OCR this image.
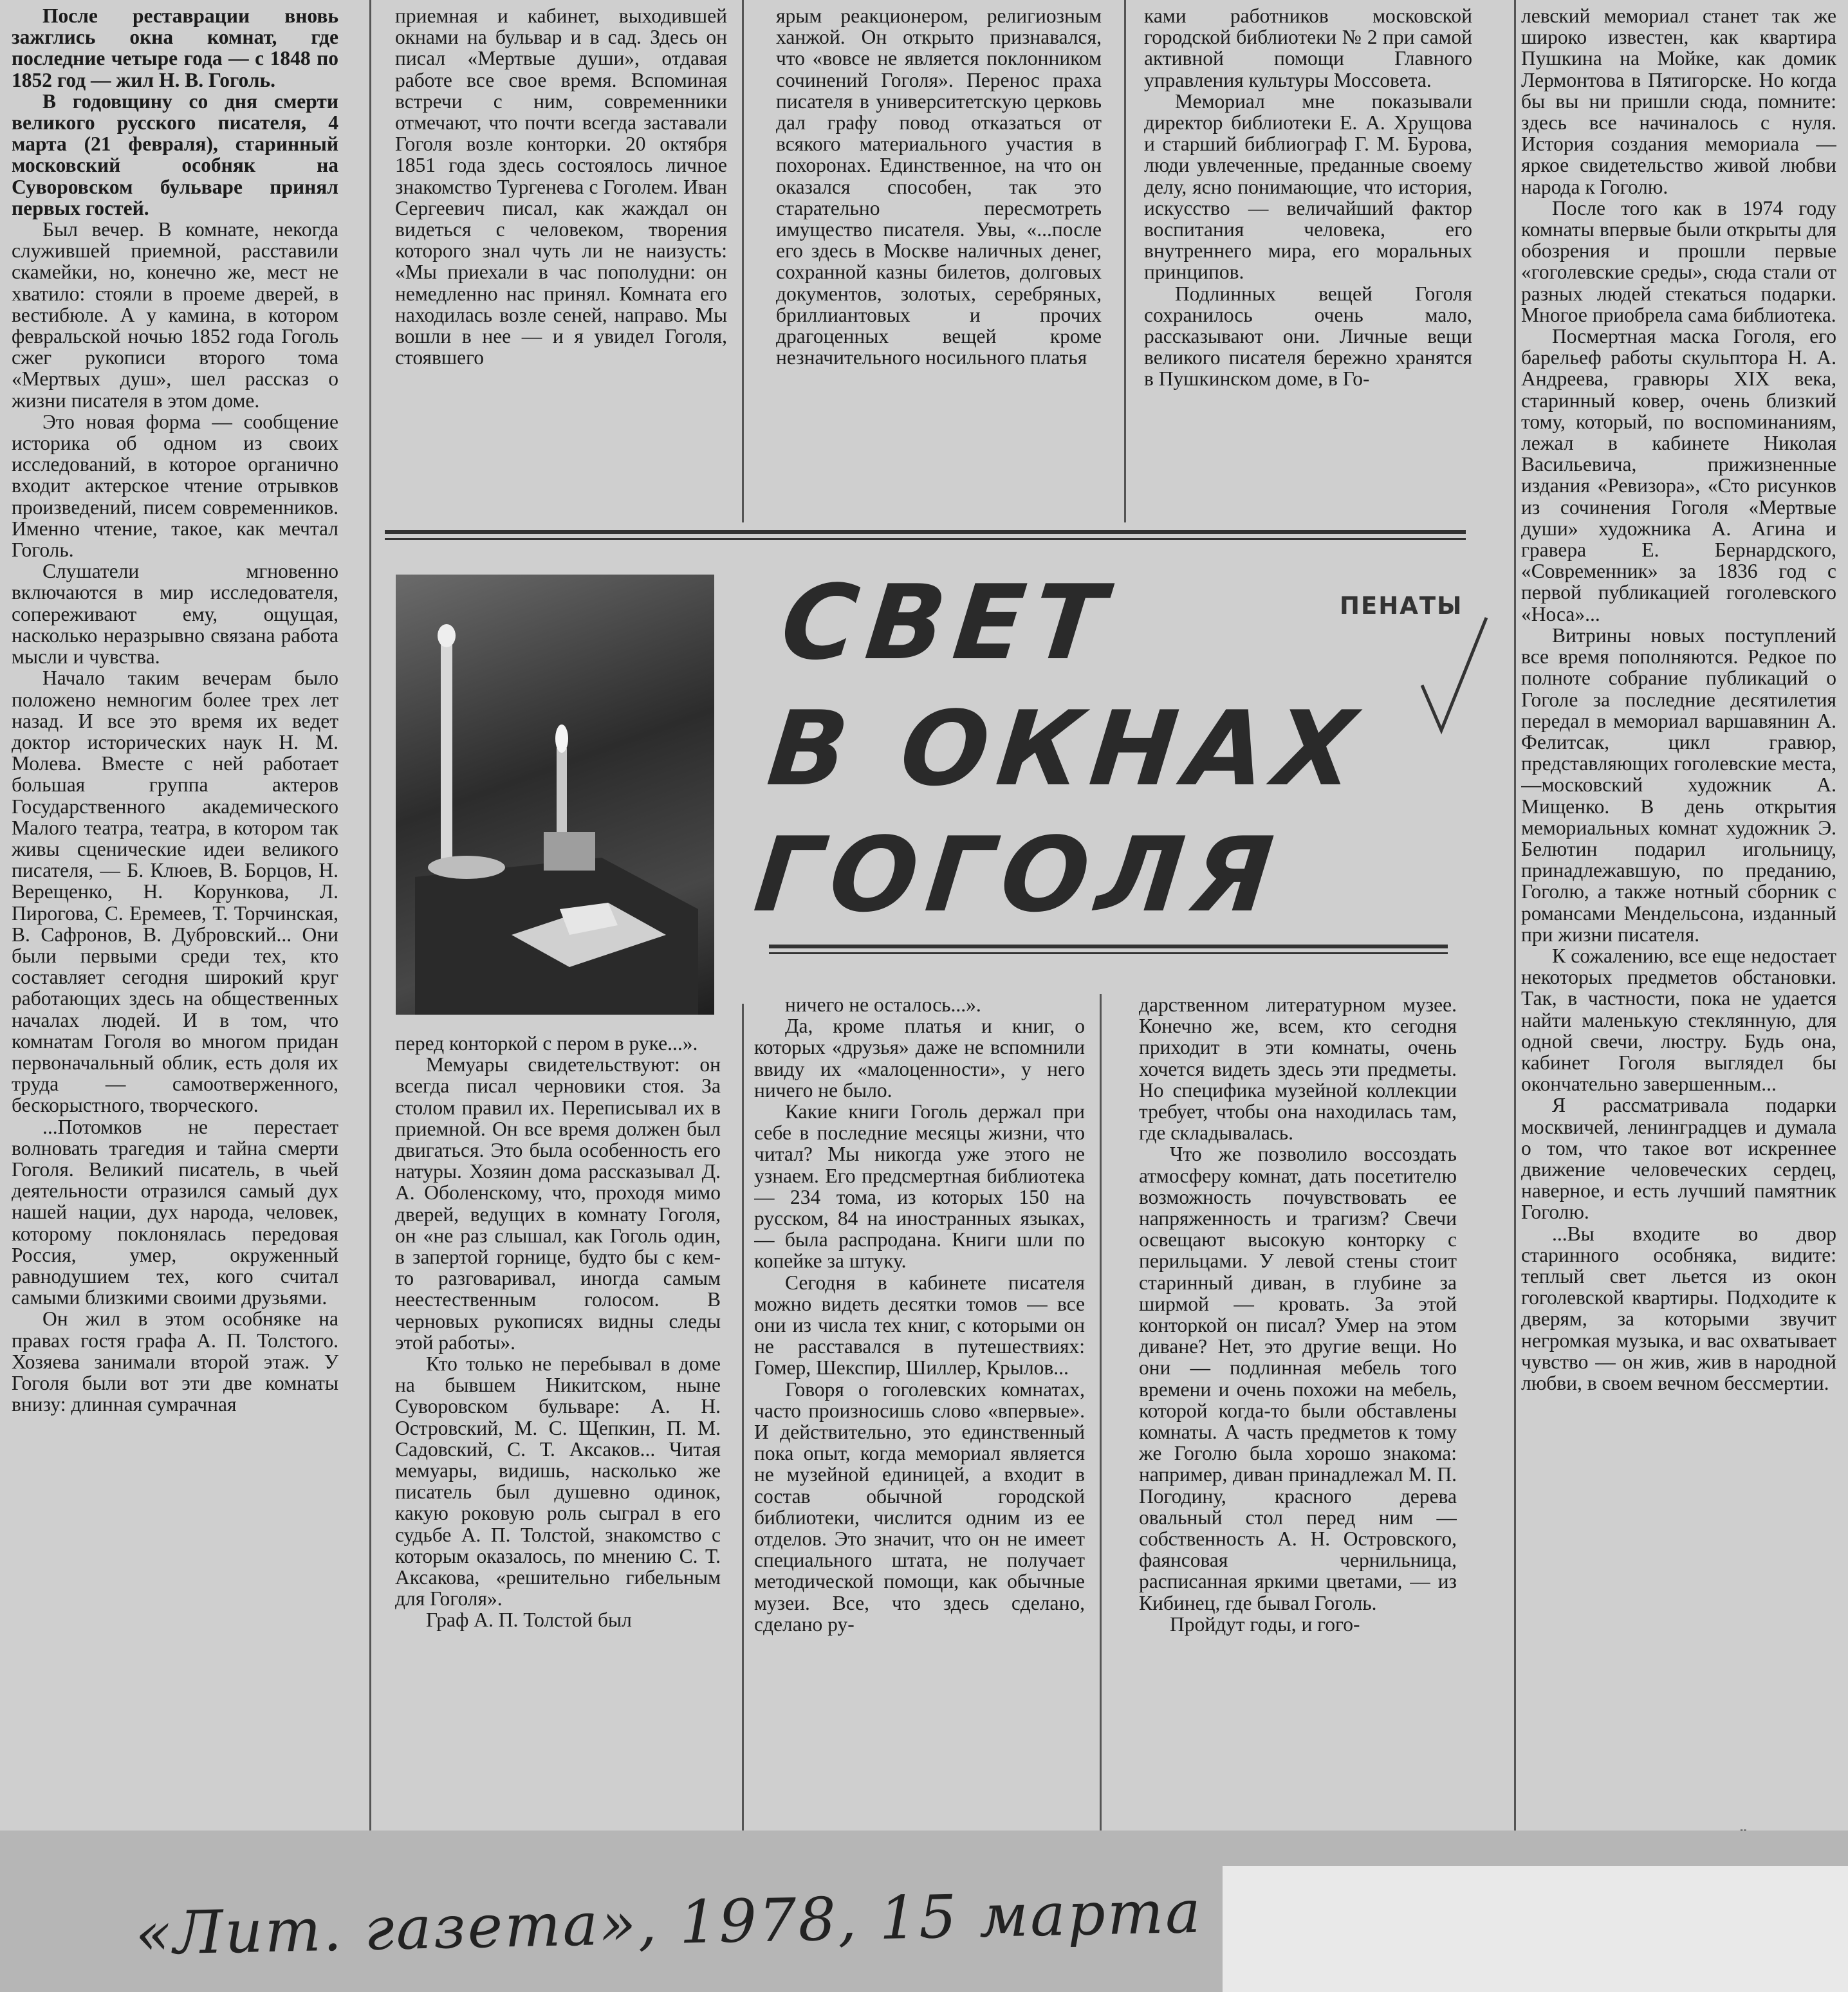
После реставрации вновь зажглись окна комнат, где последние четыре года — с 1848 по 1852 год — жил Н. В. Гоголь.

В годовщину со дня смерти великого русского писателя, 4 марта (21 февраля), старинный московский особняк на Суворовском бульваре принял первых гостей.

Был вечер. В комнате, некогда служившей приемной, расставили скамейки, но, конечно же, мест не хватило: стояли в проеме дверей, в вестибюле. А у камина, в котором февральской ночью 1852 года Гоголь сжег рукописи второго тома «Мертвых душ», шел рассказ о жизни писателя в этом доме.

Это новая форма — сообщение историка об одном из своих исследований, в которое органично входит актерское чтение отрывков произведений, писем современников. Именно чтение, такое, как мечтал Гоголь.

Слушатели мгновенно включаются в мир исследователя, сопереживают ему, ощущая, насколько неразрывно связана работа мысли и чувства.

Начало таким вечерам было положено немногим более трех лет назад. И все это время их ведет доктор исторических наук Н. М. Молева. Вместе с ней работает большая группа актеров Государственного академического Малого театра, театра, в котором так живы сценические идеи великого писателя, — Б. Клюев, В. Борцов, Н. Верещенко, Н. Корункова, Л. Пирогова, С. Еремеев, Т. Торчинская, В. Сафронов, В. Дубровский... Они были первыми среди тех, кто составляет сегодня широкий круг работающих здесь на общественных началах людей. И в том, что комнатам Гоголя во многом придан первоначальный облик, есть доля их труда — самоотверженного, бескорыстного, творческого.

...Потомков не перестает волновать трагедия и тайна смерти Гоголя. Великий писатель, в чьей деятельности отразился самый дух нашей нации, дух народа, человек, которому поклонялась передовая Россия, умер, окруженный равнодушием тех, кого считал самыми близкими своими друзьями.

Он жил в этом особняке на правах гостя графа А. П. Толстого. Хозяева занимали второй этаж. У Гоголя были вот эти две комнаты внизу: длинная сумрачная

приемная и кабинет, выходившей окнами на бульвар и в сад. Здесь он писал «Мертвые души», отдавая работе все свое время. Вспоминая встречи с ним, современники отмечают, что почти всегда заставали Гоголя возле конторки. 20 октября 1851 года здесь состоялось личное знакомство Тургенева с Гоголем. Иван Сергеевич писал, как жаждал он видеться с человеком, творения которого знал чуть ли не наизусть: «Мы приехали в час пополудни: он немедленно нас принял. Комната его находилась возле сеней, направо. Мы вошли в нее — и я увидел Гоголя, стоявшего

ярым реакционером, религиозным ханжой. Он открыто признавался, что «вовсе не является поклонником сочинений Гоголя». Перенос праха писателя в университетскую церковь дал графу повод отказаться от всякого материального участия в похоронах. Единственное, на что он оказался способен, так это старательно пересмотреть имущество писателя. Увы, «...после его здесь в Москве наличных денег, сохранной казны билетов, долговых документов, золотых, серебряных, бриллиантовых и прочих драгоценных вещей кроме незначительного носильного платья

ками работников московской городской библиотеки № 2 при самой активной помощи Главного управления культуры Моссовета.

Мемориал мне показывали директор библиотеки Е. А. Хрущова и старший библиограф Г. М. Бурова, люди увлеченные, преданные своему делу, ясно понимающие, что история, искусство — величайший фактор воспитания человека, его внутреннего мира, его моральных принципов.

Подлинных вещей Гоголя сохранилось очень мало, рассказывают они. Личные вещи великого писателя бережно хранятся в Пушкинском доме, в Го-

левский мемориал станет так же широко известен, как квартира Пушкина на Мойке, как домик Лермонтова в Пятигорске. Но когда бы вы ни пришли сюда, помните: здесь все начиналось с нуля. История создания мемориала — яркое свидетельство живой любви народа к Гоголю.

После того как в 1974 году комнаты впервые были открыты для обозрения и прошли первые «гоголевские среды», сюда стали от разных людей стекаться подарки. Многое приобрела сама библиотека.

Посмертная маска Гоголя, его барельеф работы скульптора Н. А. Андреева, гравюры XIX века, старинный ковер, очень близкий тому, который, по воспоминаниям, лежал в кабинете Николая Васильевича, прижизненные издания «Ревизора», «Сто рисунков из сочинения Гоголя «Мертвые души» художника А. Агина и гравера Е. Бернардского, «Современник» за 1836 год с первой публикацией гоголевского «Носа»...

Витрины новых поступлений все время пополняются. Редкое по полноте собрание публикаций о Гоголе за последние десятилетия передал в мемориал варшавянин А. Фелитсак, цикл гравюр, представляющих гоголевские места,—московский художник А. Мищенко. В день открытия мемориальных комнат художник Э. Белютин подарил игольницу, принадлежавшую, по преданию, Гоголю, а также нотный сборник с романсами Мендельсона, изданный при жизни писателя.

К сожалению, все еще недостает некоторых предметов обстановки. Так, в частности, пока не удается найти маленькую стеклянную, для одной свечи, люстру. Будь она, кабинет Гоголя выглядел бы окончательно завершенным...

Я рассматривала подарки москвичей, ленинградцев и думала о том, что такое вот искреннее движение человеческих сердец, наверное, и есть лучший памятник Гоголю.

...Вы входите во двор старинного особняка, видите: теплый свет льется из окон гоголевской квартиры. Подходите к дверям, за которыми звучит негромкая музыка, и вас охватывает чувство — он жив, жив в народной любви, в своем вечном бессмертии.

ПЕНАТЫ
СВЕТ
В ОКНАХ
ГОГОЛЯ

перед конторкой с пером в руке...».

Мемуары свидетельствуют: он всегда писал черновики стоя. За столом правил их. Переписывал их в приемной. Он все время должен был двигаться. Это была особенность его натуры. Хозяин дома рассказывал Д. А. Оболенскому, что, проходя мимо дверей, ведущих в комнату Гоголя, он «не раз слышал, как Гоголь один, в запертой горнице, будто бы с кем-то разговаривал, иногда самым неестественным голосом. В черновых рукописях видны следы этой работы».

Кто только не перебывал в доме на бывшем Никитском, ныне Суворовском бульваре: А. Н. Островский, М. С. Щепкин, П. М. Садовский, С. Т. Аксаков... Читая мемуары, видишь, насколько же писатель был душевно одинок, какую роковую роль сыграл в его судьбе А. П. Толстой, знакомство с которым оказалось, по мнению С. Т. Аксакова, «решительно гибельным для Гоголя».

Граф А. П. Толстой был

ничего не осталось...».

Да, кроме платья и книг, о которых «друзья» даже не вспомнили ввиду их «малоценности», у него ничего не было.

Какие книги Гоголь держал при себе в последние месяцы жизни, что читал? Мы никогда уже этого не узнаем. Его предсмертная библиотека — 234 тома, из которых 150 на русском, 84 на иностранных языках, — была распродана. Книги шли по копейке за штуку.

Сегодня в кабинете писателя можно видеть десятки томов — все они из числа тех книг, с которыми он не расставался в путешествиях: Гомер, Шекспир, Шиллер, Крылов...

Говоря о гоголевских комнатах, часто произносишь слово «впервые». И действительно, это единственный пока опыт, когда мемориал является не музейной единицей, а входит в состав обычной городской библиотеки, числится одним из ее отделов. Это значит, что он не имеет специального штата, не получает методической помощи, как обычные музеи. Все, что здесь сделано, сделано ру-

дарственном литературном музее. Конечно же, всем, кто сегодня приходит в эти комнаты, очень хочется видеть здесь эти предметы. Но специфика музейной коллекции требует, чтобы она находилась там, где складывалась.

Что же позволило воссоздать атмосферу комнат, дать посетителю возможность почувствовать ее напряженность и трагизм? Свечи освещают высокую конторку с перильцами. У левой стены стоит старинный диван, в глубине за ширмой — кровать. За этой конторкой он писал? Умер на этом диване? Нет, это другие вещи. Но они — подлинная мебель того времени и очень похожи на мебель, которой когда-то были обставлены комнаты. А часть предметов к тому же Гоголю была хорошо знакома: например, диван принадлежал М. П. Погодину, красного дерева овальный стол перед ним — собственность А. Н. Островского, фаянсовая чернильница, расписанная яркими цветами, — из Кибинец, где бывал Гоголь.

Пройдут годы, и гого-

«Лит. газета», 1978, 15 марта
